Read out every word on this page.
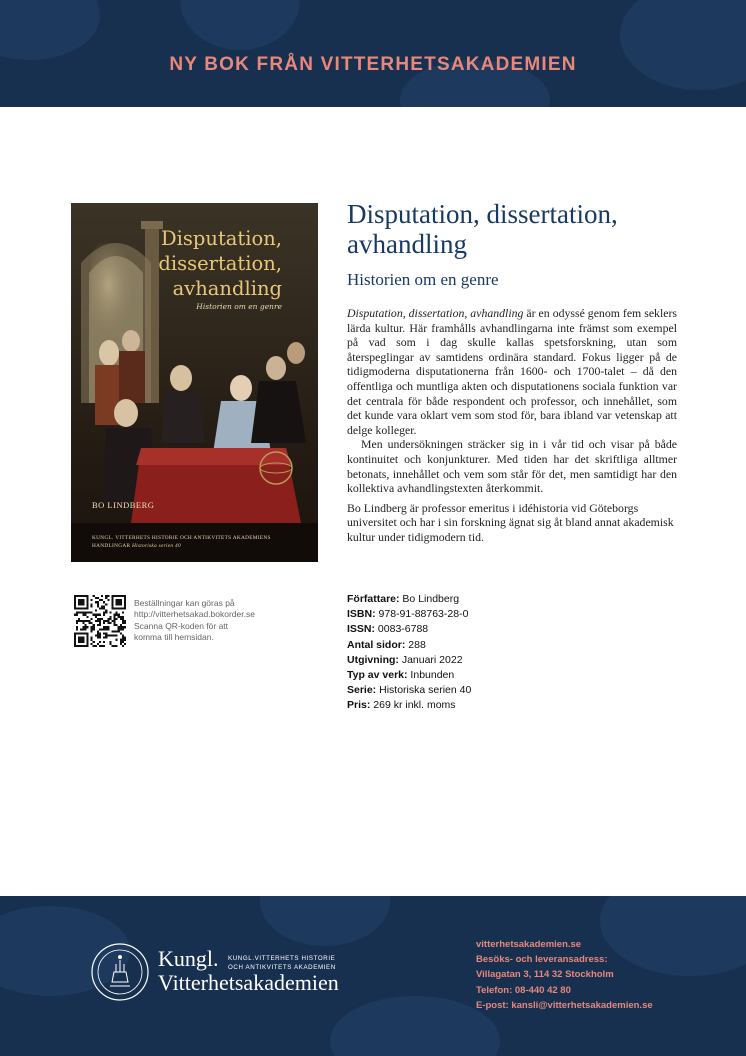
NY BOK FRÅN VITTERHETSAKADEMIEN
Disputation,
dissertation,
avhandling
Historien om en genre
BO LINDBERG
KUNGL. VITTERHETS HISTORIE OCH ANTIKVITETS AKADEMIENS
HANDLINGAR Historiska serien 40
Disputation, dissertation,
avhandling
Historien om en genre

Disputation, dissertation, avhandling är en odyssé genom fem seklers lärda kultur. Här framhålls avhandlingarna inte främst som exempel på vad som i dag skulle kallas spetsforskning, utan som återspeglingar av samtidens ordinära standard. Fokus ligger på de tidigmoderna disputationerna från 1600- och 1700-talet – då den offentliga och muntliga akten och disputationens sociala funktion var det centrala för både respondent och professor, och innehållet, som det kunde vara oklart vem som stod för, bara ibland var vetenskap att delge kolleger.

Men undersökningen sträcker sig in i vår tid och visar på både kontinuitet och konjunkturer. Med tiden har det skriftliga alltmer betonats, innehållet och vem som står för det, men samtidigt har den kollektiva avhandlingstexten återkommit.

Bo Lindberg är professor emeritus i idéhistoria vid Göteborgs universitet och har i sin forskning ägnat sig åt bland annat akademisk kultur under tidigmodern tid.

Beställningar kan göras på
http://vitterhetsakad.bokorder.se
Scanna QR-koden för att
komma till hemsidan.
Författare: Bo Lindberg
ISBN: 978-91-88763-28-0
ISSN: 0083-6788
Antal sidor: 288
Utgivning: Januari 2022
Typ av verk: Inbunden
Serie: Historiska serien 40
Pris: 269 kr inkl. moms
Kungl.
Vitterhetsakademien
KUNGL.VITTERHETS HISTORIE
OCH ANTIKVITETS AKADEMIEN
vitterhetsakademien.se
Besöks- och leveransadress:
Villagatan 3, 114 32 Stockholm
Telefon: 08-440 42 80
E-post: kansli@vitterhetsakademien.se
